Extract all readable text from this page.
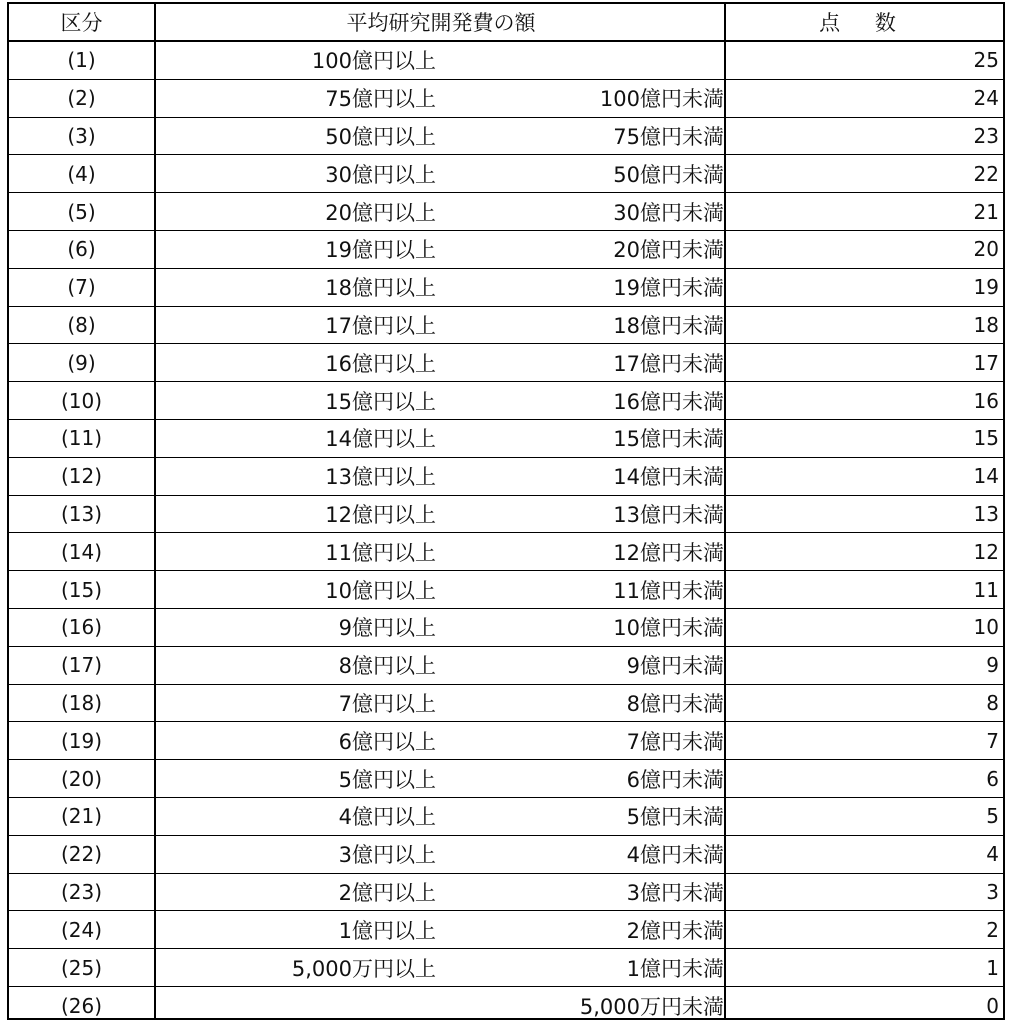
区分	平均研究開発費の額	点 数
(1)	100億円以上	25
(2)	75億円以上	100億円未満	24
(3)	50億円以上	75億円未満	23
(4)	30億円以上	50億円未満	22
(5)	20億円以上	30億円未満	21
(6)	19億円以上	20億円未満	20
(7)	18億円以上	19億円未満	19
(8)	17億円以上	18億円未満	18
(9)	16億円以上	17億円未満	17
(10)	15億円以上	16億円未満	16
(11)	14億円以上	15億円未満	15
(12)	13億円以上	14億円未満	14
(13)	12億円以上	13億円未満	13
(14)	11億円以上	12億円未満	12
(15)	10億円以上	11億円未満	11
(16)	9億円以上	10億円未満	10
(17)	8億円以上	9億円未満	9
(18)	7億円以上	8億円未満	8
(19)	6億円以上	7億円未満	7
(20)	5億円以上	6億円未満	6
(21)	4億円以上	5億円未満	5
(22)	3億円以上	4億円未満	4
(23)	2億円以上	3億円未満	3
(24)	1億円以上	2億円未満	2
(25)	5,000万円以上	1億円未満	1
(26)	5,000万円未満	0
